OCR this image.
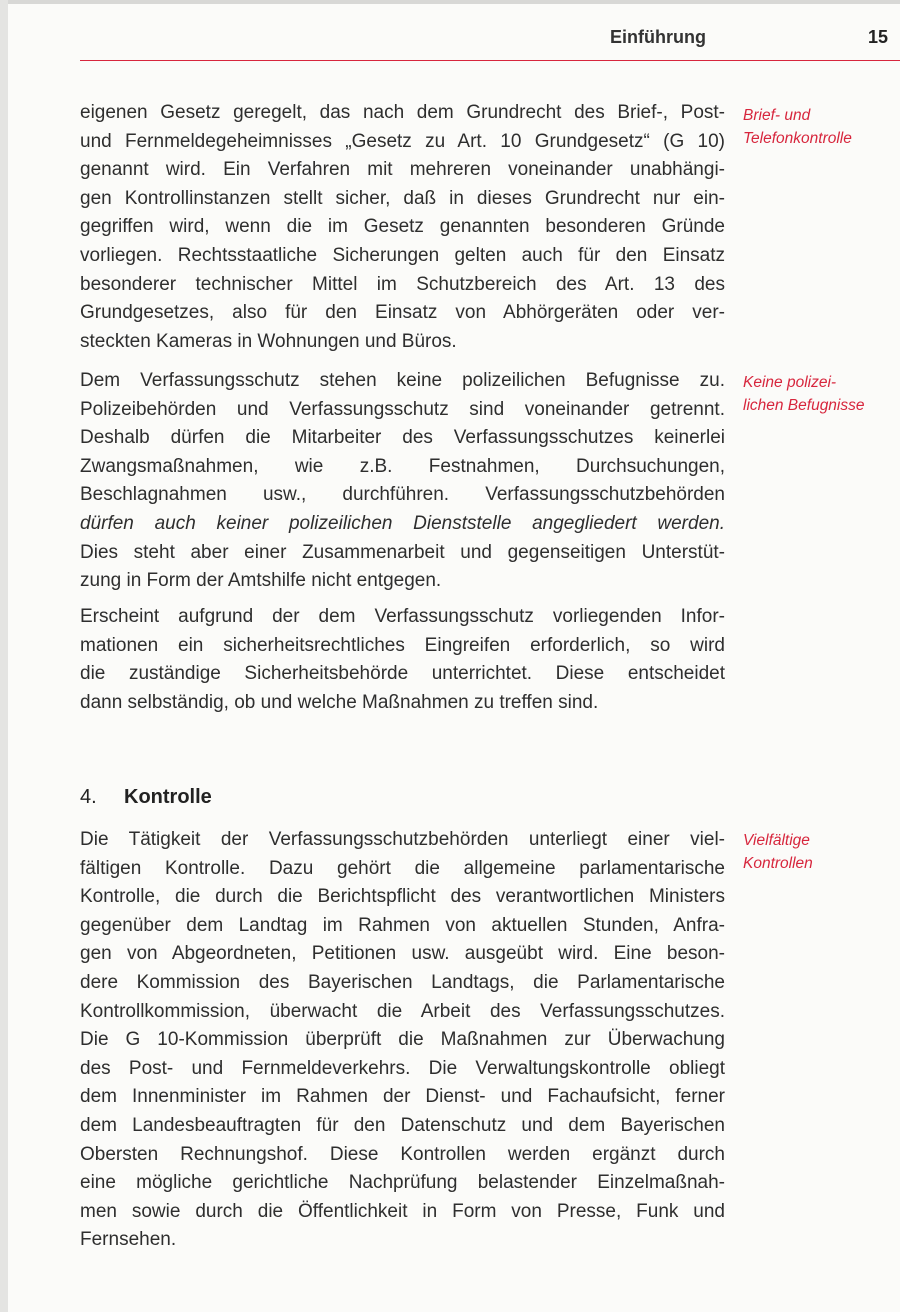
Einführung	15
eigenen Gesetz geregelt, das nach dem Grundrecht des Brief-, Post-
und Fernmeldegeheimnisses „Gesetz zu Art. 10 Grundgesetz“ (G 10)
genannt wird. Ein Verfahren mit mehreren voneinander unabhängi-
gen Kontrollinstanzen stellt sicher, daß in dieses Grundrecht nur ein-
gegriffen wird, wenn die im Gesetz genannten besonderen Gründe
vorliegen. Rechtsstaatliche Sicherungen gelten auch für den Einsatz
besonderer technischer Mittel im Schutzbereich des Art. 13 des
Grundgesetzes, also für den Einsatz von Abhörgeräten oder ver-
steckten Kameras in Wohnungen und Büros.
Dem Verfassungsschutz stehen keine polizeilichen Befugnisse zu.
Polizeibehörden und Verfassungsschutz sind voneinander getrennt.
Deshalb dürfen die Mitarbeiter des Verfassungsschutzes keinerlei
Zwangsmaßnahmen, wie z.B. Festnahmen, Durchsuchungen,
Beschlagnahmen usw., durchführen. Verfassungsschutzbehörden
dürfen auch keiner polizeilichen Dienststelle angegliedert werden.
Dies steht aber einer Zusammenarbeit und gegenseitigen Unterstüt-
zung in Form der Amtshilfe nicht entgegen.
Erscheint aufgrund der dem Verfassungsschutz vorliegenden Infor-
mationen ein sicherheitsrechtliches Eingreifen erforderlich, so wird
die zuständige Sicherheitsbehörde unterrichtet. Diese entscheidet
dann selbständig, ob und welche Maßnahmen zu treffen sind.
4. Kontrolle
Die Tätigkeit der Verfassungsschutzbehörden unterliegt einer viel-
fältigen Kontrolle. Dazu gehört die allgemeine parlamentarische
Kontrolle, die durch die Berichtspflicht des verantwortlichen Ministers
gegenüber dem Landtag im Rahmen von aktuellen Stunden, Anfra-
gen von Abgeordneten, Petitionen usw. ausgeübt wird. Eine beson-
dere Kommission des Bayerischen Landtags, die Parlamentarische
Kontrollkommission, überwacht die Arbeit des Verfassungsschutzes.
Die G 10-Kommission überprüft die Maßnahmen zur Überwachung
des Post- und Fernmeldeverkehrs. Die Verwaltungskontrolle obliegt
dem Innenminister im Rahmen der Dienst- und Fachaufsicht, ferner
dem Landesbeauftragten für den Datenschutz und dem Bayerischen
Obersten Rechnungshof. Diese Kontrollen werden ergänzt durch
eine mögliche gerichtliche Nachprüfung belastender Einzelmaßnah-
men sowie durch die Öffentlichkeit in Form von Presse, Funk und
Fernsehen.
Brief- und
Telefonkontrolle
Keine polizei-
lichen Befugnisse
Vielfältige
Kontrollen
